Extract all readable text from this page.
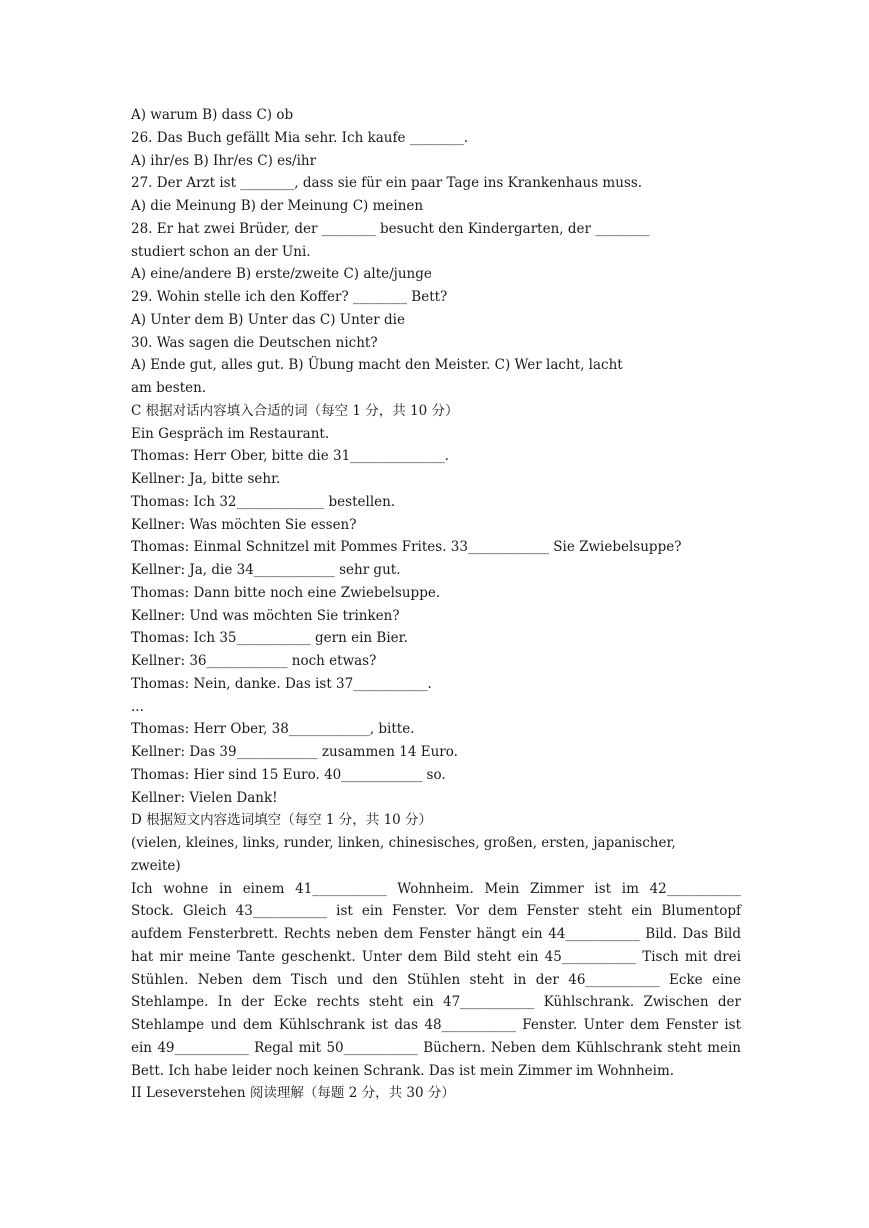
A) warum B) dass C) ob
26. Das Buch gefällt Mia sehr. Ich kaufe ________.
A) ihr/es B) Ihr/es C) es/ihr
27. Der Arzt ist ________, dass sie für ein paar Tage ins Krankenhaus muss.
A) die Meinung B) der Meinung C) meinen
28. Er hat zwei Brüder, der ________ besucht den Kindergarten, der ________
studiert schon an der Uni.
A) eine/andere B) erste/zweite C) alte/junge
29. Wohin stelle ich den Koffer? ________ Bett?
A) Unter dem B) Unter das C) Unter die
30. Was sagen die Deutschen nicht?
A) Ende gut, alles gut. B) Übung macht den Meister. C) Wer lacht, lacht
am besten.
C 根据对话内容填入合适的词（每空 1 分，共 10 分）
Ein Gespräch im Restaurant.
Thomas: Herr Ober, bitte die 31______________.
Kellner: Ja, bitte sehr.
Thomas: Ich 32_____________ bestellen.
Kellner: Was möchten Sie essen?
Thomas: Einmal Schnitzel mit Pommes Frites. 33____________ Sie Zwiebelsuppe?
Kellner: Ja, die 34____________ sehr gut.
Thomas: Dann bitte noch eine Zwiebelsuppe.
Kellner: Und was möchten Sie trinken?
Thomas: Ich 35___________ gern ein Bier.
Kellner: 36____________ noch etwas?
Thomas: Nein, danke. Das ist 37___________.
...
Thomas: Herr Ober, 38____________, bitte.
Kellner: Das 39____________ zusammen 14 Euro.
Thomas: Hier sind 15 Euro. 40____________ so.
Kellner: Vielen Dank!
D 根据短文内容选词填空（每空 1 分，共 10 分）
(vielen, kleines, links, runder, linken, chinesisches, großen, ersten, japanischer,
zweite)
Ich wohne in einem 41___________ Wohnheim. Mein Zimmer ist im 42___________
Stock. Gleich 43___________ ist ein Fenster. Vor dem Fenster steht ein Blumentopf
aufdem Fensterbrett. Rechts neben dem Fenster hängt ein 44___________ Bild. Das Bild
hat mir meine Tante geschenkt. Unter dem Bild steht ein 45___________ Tisch mit drei
Stühlen. Neben dem Tisch und den Stühlen steht in der 46___________ Ecke eine
Stehlampe. In der Ecke rechts steht ein 47___________ Kühlschrank. Zwischen der
Stehlampe und dem Kühlschrank ist das 48___________ Fenster. Unter dem Fenster ist
ein 49___________ Regal mit 50___________ Büchern. Neben dem Kühlschrank steht mein
Bett. Ich habe leider noch keinen Schrank. Das ist mein Zimmer im Wohnheim.
II Leseverstehen 阅读理解（每题 2 分，共 30 分）
